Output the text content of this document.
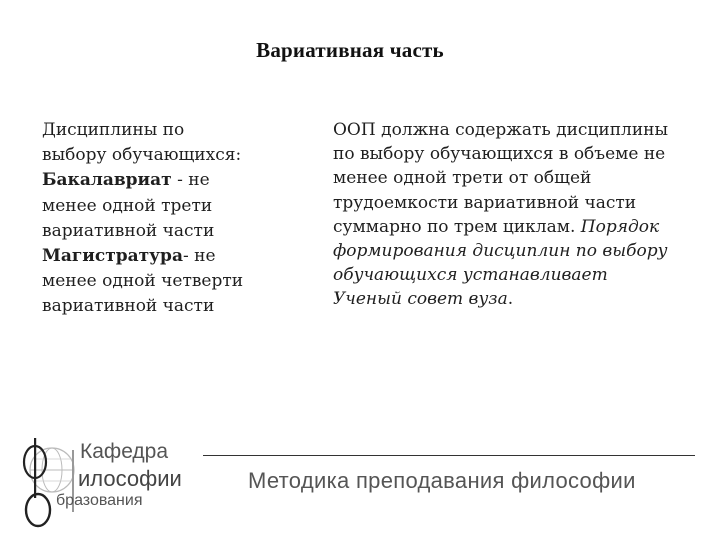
Вариативная часть
Дисциплины по
выбору обучающихся:
Бакалавриат - не
менее одной трети
вариативной части
Магистратура- не
менее одной четверти
вариативной части
ООП должна содержать дисциплины
по выбору обучающихся в объеме не
менее одной трети от общей
трудоемкости вариативной части
суммарно по трем циклам. Порядок
формирования дисциплин по выбору
обучающихся устанавливает
Ученый совет вуза.
Кафедра
илософии
бразования
Методика преподавания философии
